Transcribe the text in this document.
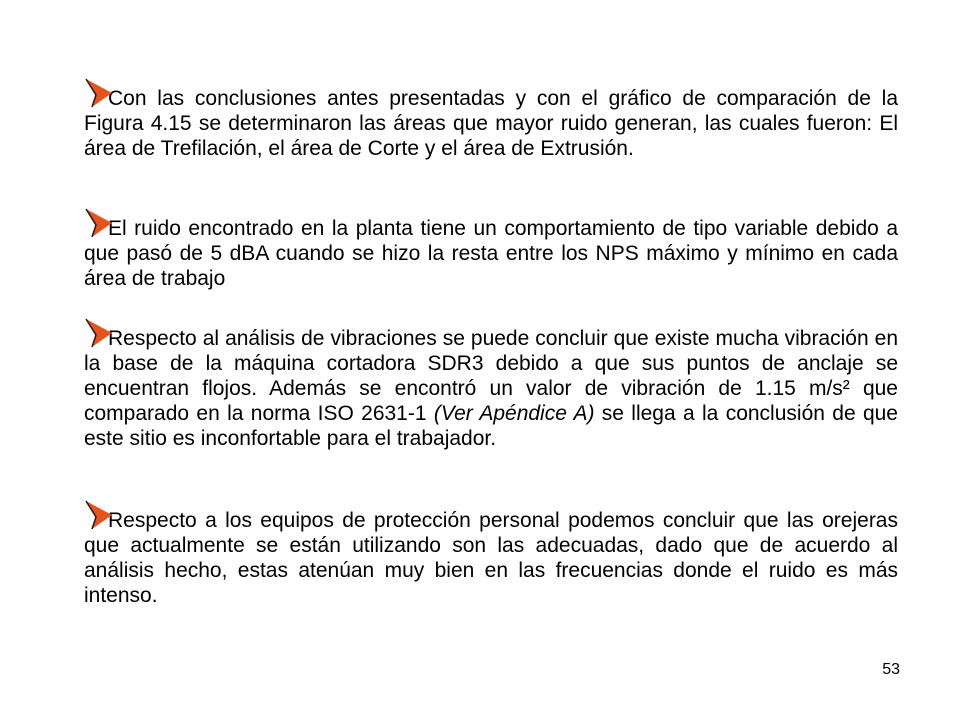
Con las conclusiones antes presentadas y con el gráfico de comparación de la Figura 4.15 se determinaron las áreas que mayor ruido generan, las cuales fueron: El área de Trefilación, el área de Corte y el área de Extrusión.

El ruido encontrado en la planta tiene un comportamiento de tipo variable debido a que pasó de 5 dBA cuando se hizo la resta entre los NPS máximo y mínimo en cada área de trabajo

Respecto al análisis de vibraciones se puede concluir que existe mucha vibración en la base de la máquina cortadora SDR3 debido a que sus puntos de anclaje se encuentran flojos. Además se encontró un valor de vibración de 1.15 m/s² que comparado en la norma ISO 2631-1 (Ver Apéndice A) se llega a la conclusión de que este sitio es inconfortable para el trabajador.

Respecto a los equipos de protección personal podemos concluir que las orejeras que actualmente se están utilizando son las adecuadas, dado que de acuerdo al análisis hecho, estas atenúan muy bien en las frecuencias donde el ruido es más intenso.

53
